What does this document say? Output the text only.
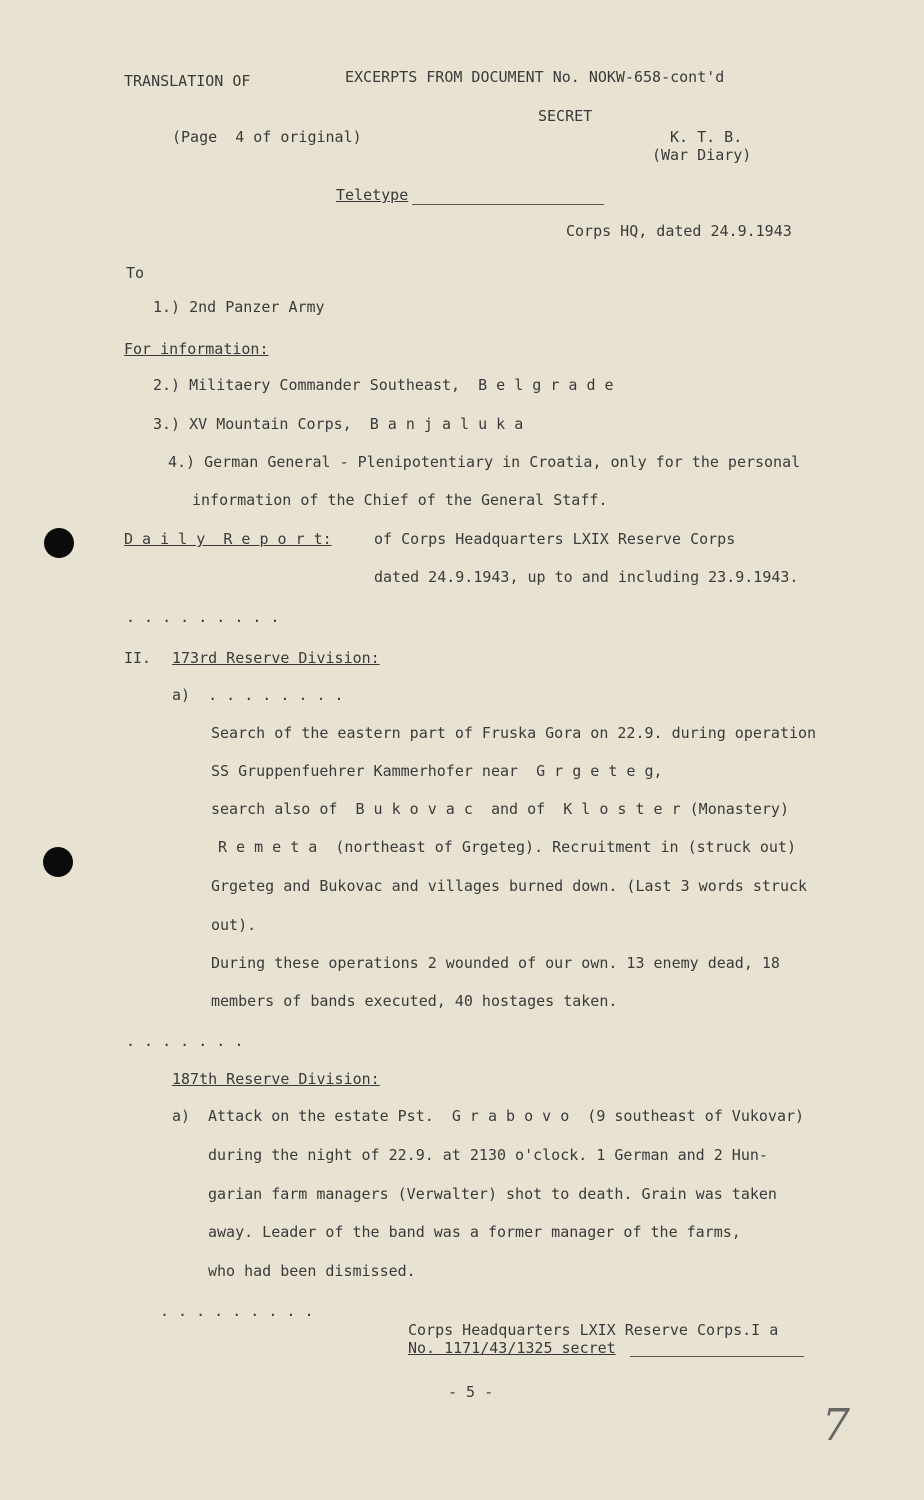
TRANSLATION OF	EXCERPTS FROM DOCUMENT No. NOKW-658-cont'd
SECRET
(Page  4 of original)	K. T. B.
(War Diary)
Teletype
Corps HQ, dated 24.9.1943
To
1.) 2nd Panzer Army
For information:
2.) Militaery Commander Southeast,  B e l g r a d e
3.) XV Mountain Corps,  B a n j a l u k a
4.) German General - Plenipotentiary in Croatia, only for the personal
information of the Chief of the General Staff.
D a i l y  R e p o r t:	of Corps Headquarters LXIX Reserve Corps
dated 24.9.1943, up to and including 23.9.1943.
. . . . . . . . .
II. 173rd Reserve Division:
a)  . . . . . . . .
Search of the eastern part of Fruska Gora on 22.9. during operation
SS Gruppenfuehrer Kammerhofer near  G r g e t e g,
search also of  B u k o v a c  and of  K l o s t e r (Monastery)
R e m e t a  (northeast of Grgeteg). Recruitment in (struck out)
Grgeteg and Bukovac and villages burned down. (Last 3 words struck
out).
During these operations 2 wounded of our own. 13 enemy dead, 18
members of bands executed, 40 hostages taken.
. . . . . . .
187th Reserve Division:
a) Attack on the estate Pst.  G r a b o v o  (9 southeast of Vukovar)
during the night of 22.9. at 2130 o'clock. 1 German and 2 Hun-
garian farm managers (Verwalter) shot to death. Grain was taken
away. Leader of the band was a former manager of the farms,
who had been dismissed.
. . . . . . . . .
Corps Headquarters LXIX Reserve Corps.I a
No. 1171/43/1325 secret
- 5 -
7
